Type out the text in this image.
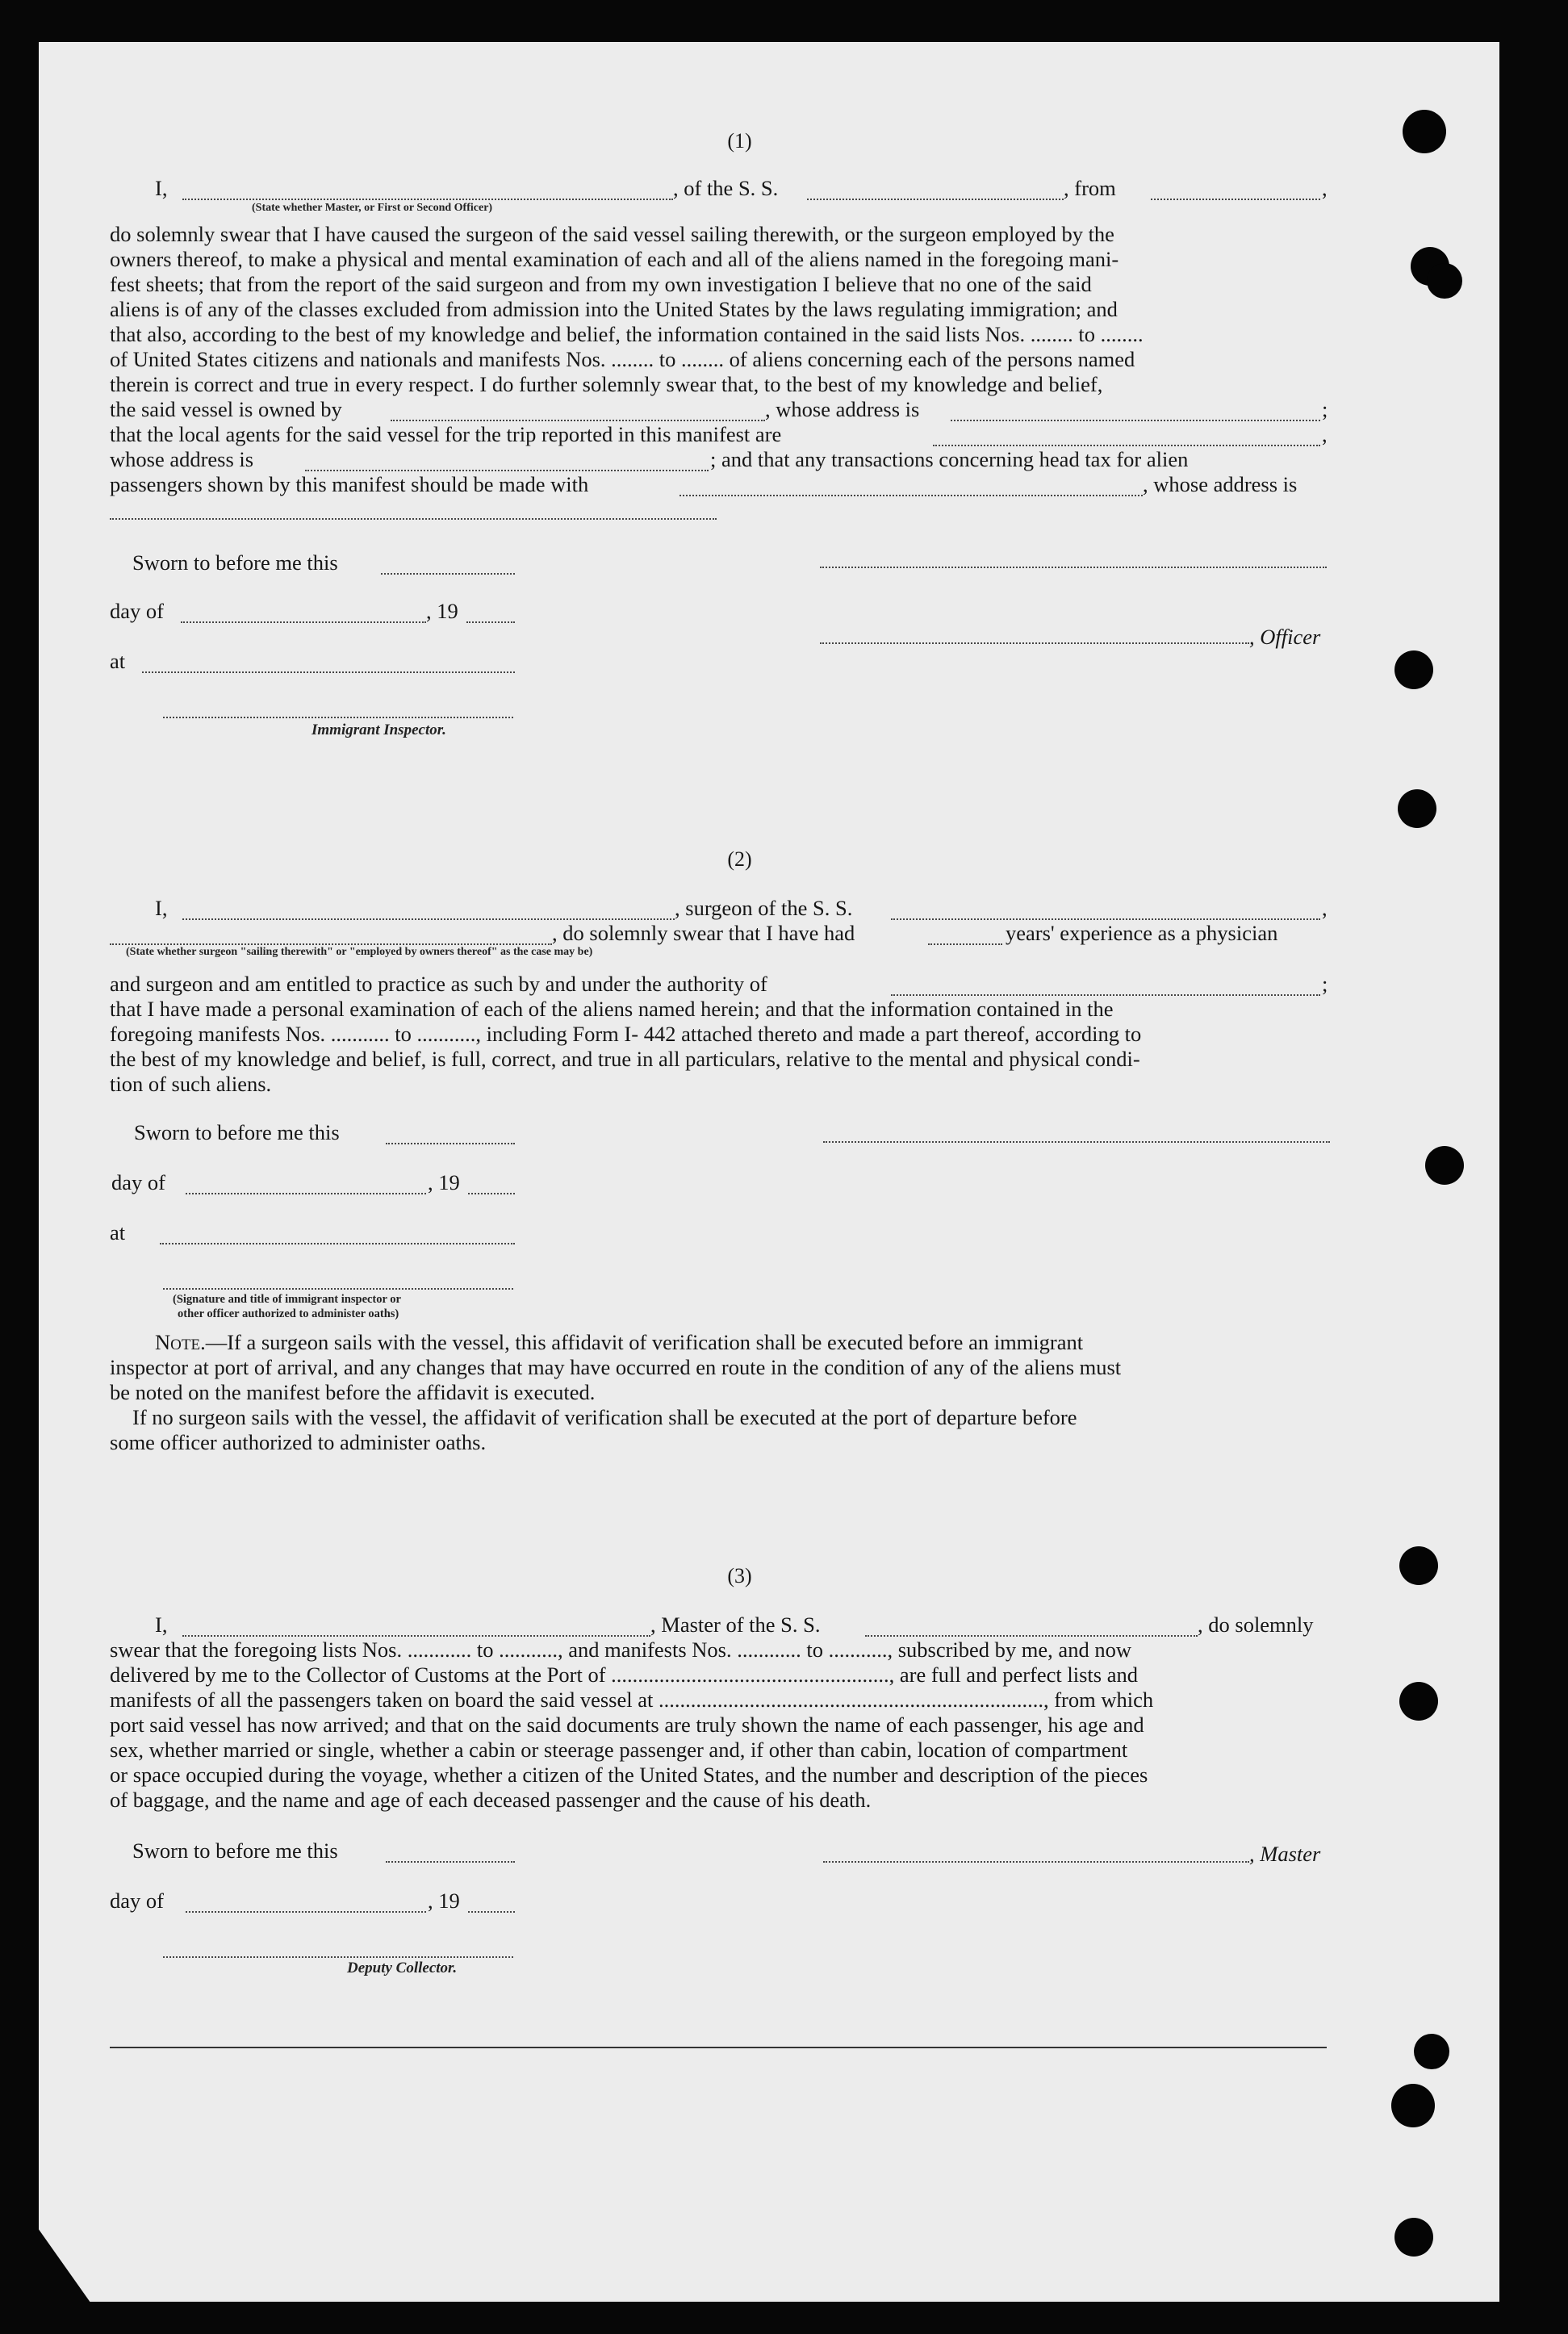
(1)
I,	, of the S. S.	, from	,
(State whether Master, or First or Second Officer)
do solemnly swear that I have caused the surgeon of the said vessel sailing therewith, or the surgeon employed by the
owners thereof, to make a physical and mental examination of each and all of the aliens named in the foregoing mani-
fest sheets; that from the report of the said surgeon and from my own investigation I believe that no one of the said
aliens is of any of the classes excluded from admission into the United States by the laws regulating immigration; and
that also, according to the best of my knowledge and belief, the information contained in the said lists Nos. ........ to ........
of United States citizens and nationals and manifests Nos. ........ to ........ of aliens concerning each of the persons named
therein is correct and true in every respect. I do further solemnly swear that, to the best of my knowledge and belief,
the said vessel is owned by	, whose address is	;
that the local agents for the said vessel for the trip reported in this manifest are	,
whose address is	; and that any transactions concerning head tax for alien
passengers shown by this manifest should be made with	, whose address is
Sworn to before me this
day of	, 19
, Officer
at
Immigrant Inspector.
(2)
I,	, surgeon of the S. S.	,
, do solemnly swear that I have had	years' experience as a physician
(State whether surgeon "sailing therewith" or "employed by owners thereof" as the case may be)
and surgeon and am entitled to practice as such by and under the authority of	;
that I have made a personal examination of each of the aliens named herein; and that the information contained in the
foregoing manifests Nos. ........... to ..........., including Form I- 442 attached thereto and made a part thereof, according to
the best of my knowledge and belief, is full, correct, and true in all particulars, relative to the mental and physical condi-
tion of such aliens.
Sworn to before me this
day of	, 19
at
(Signature and title of immigrant inspector or
other officer authorized to administer oaths)
Note.—If a surgeon sails with the vessel, this affidavit of verification shall be executed before an immigrant
inspector at port of arrival, and any changes that may have occurred en route in the condition of any of the aliens must
be noted on the manifest before the affidavit is executed.
If no surgeon sails with the vessel, the affidavit of verification shall be executed at the port of departure before
some officer authorized to administer oaths.
(3)
I,	, Master of the S. S.	, do solemnly
swear that the foregoing lists Nos. ............ to ..........., and manifests Nos. ............ to ..........., subscribed by me, and now
delivered by me to the Collector of Customs at the Port of ...................................................., are full and perfect lists and
manifests of all the passengers taken on board the said vessel at ........................................................................, from which
port said vessel has now arrived; and that on the said documents are truly shown the name of each passenger, his age and
sex, whether married or single, whether a cabin or steerage passenger and, if other than cabin, location of compartment
or space occupied during the voyage, whether a citizen of the United States, and the number and description of the pieces
of baggage, and the name and age of each deceased passenger and the cause of his death.
Sworn to before me this	, Master
day of	, 19
Deputy Collector.
